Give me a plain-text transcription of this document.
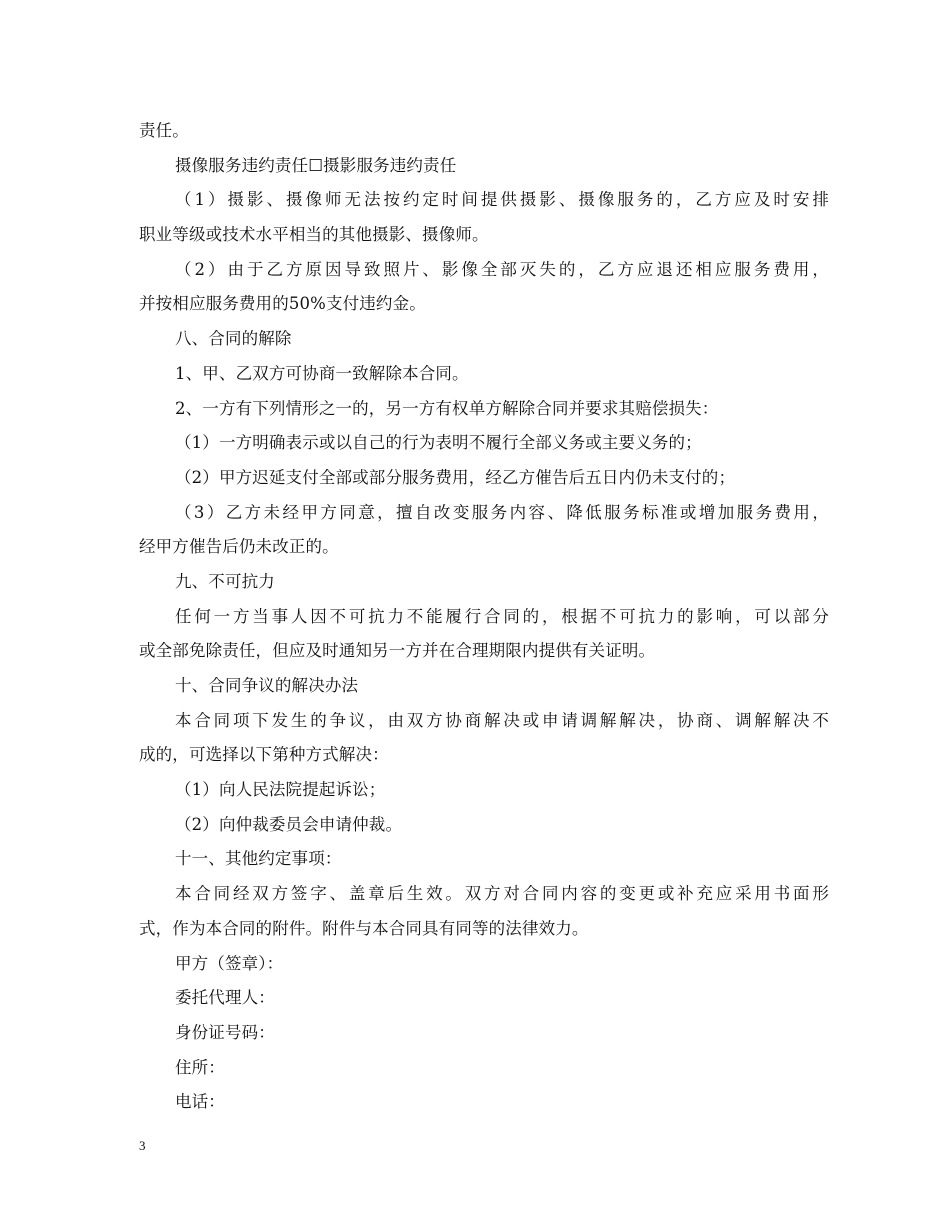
责任。
摄像服务违约责任☐摄影服务违约责任
（1）摄影、摄像师无法按约定时间提供摄影、摄像服务的，乙方应及时安排
职业等级或技术水平相当的其他摄影、摄像师。
（2）由于乙方原因导致照片、影像全部灭失的，乙方应退还相应服务费用，
并按相应服务费用的50%支付违约金。
八、合同的解除
1、甲、乙双方可协商一致解除本合同。
2、一方有下列情形之一的，另一方有权单方解除合同并要求其赔偿损失：
（1）一方明确表示或以自己的行为表明不履行全部义务或主要义务的；
（2）甲方迟延支付全部或部分服务费用，经乙方催告后五日内仍未支付的；
（3）乙方未经甲方同意，擅自改变服务内容、降低服务标准或增加服务费用，
经甲方催告后仍未改正的。
九、不可抗力
任何一方当事人因不可抗力不能履行合同的，根据不可抗力的影响，可以部分
或全部免除责任，但应及时通知另一方并在合理期限内提供有关证明。
十、合同争议的解决办法
本合同项下发生的争议，由双方协商解决或申请调解解决，协商、调解解决不
成的，可选择以下第种方式解决：
（1）向人民法院提起诉讼；
（2）向仲裁委员会申请仲裁。
十一、其他约定事项：
本合同经双方签字、盖章后生效。双方对合同内容的变更或补充应采用书面形
式，作为本合同的附件。附件与本合同具有同等的法律效力。
甲方（签章）：
委托代理人：
身份证号码：
住所：
电话：
3
